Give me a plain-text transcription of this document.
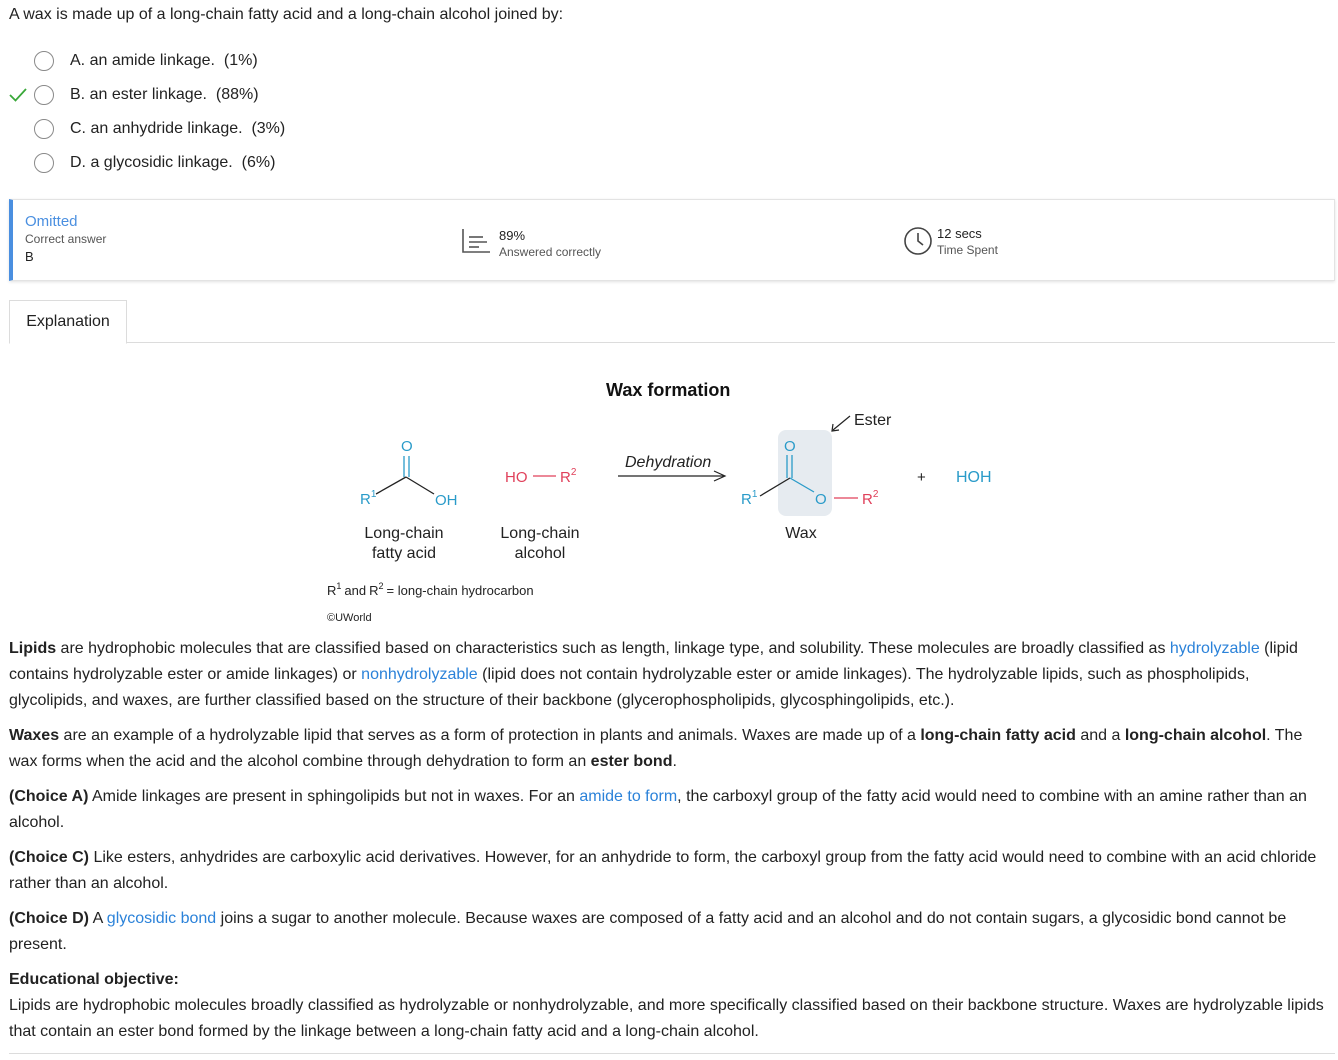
A wax is made up of a long-chain fatty acid and a long-chain alcohol joined by:
A. an amide linkage. (1%)
B. an ester linkage. (88%)
C. an anhydride linkage. (3%)
D. a glycosidic linkage. (6%)
Omitted
Correct answer
B
89%
Answered correctly
12 secs
Time Spent
Explanation
Wax formation
O
OH
$R^1$
Long-chain
fatty acid
HO $R^2$
Long-chain
alcohol
Dehydration
O
O $R^2$
$R^1$
Ester
Wax
+ HOH
$R^1$ and $R^2$ = long-chain hydrocarbon
©UWorld

Lipids are hydrophobic molecules that are classified based on characteristics such as length, linkage type, and solubility. These molecules are broadly classified as hydrolyzable (lipid contains hydrolyzable ester or amide linkages) or nonhydrolyzable (lipid does not contain hydrolyzable ester or amide linkages). The hydrolyzable lipids, such as phospholipids, glycolipids, and waxes, are further classified based on the structure of their backbone (glycerophospholipids, glycosphingolipids, etc.).

Waxes are an example of a hydrolyzable lipid that serves as a form of protection in plants and animals. Waxes are made up of a long-chain fatty acid and a long-chain alcohol. The wax forms when the acid and the alcohol combine through dehydration to form an ester bond.

(Choice A) Amide linkages are present in sphingolipids but not in waxes. For an amide to form, the carboxyl group of the fatty acid would need to combine with an amine rather than an alcohol.

(Choice C) Like esters, anhydrides are carboxylic acid derivatives. However, for an anhydride to form, the carboxyl group from the fatty acid would need to combine with an acid chloride rather than an alcohol.

(Choice D) A glycosidic bond joins a sugar to another molecule. Because waxes are composed of a fatty acid and an alcohol and do not contain sugars, a glycosidic bond cannot be present.

Educational objective:
Lipids are hydrophobic molecules broadly classified as hydrolyzable or nonhydrolyzable, and more specifically classified based on their backbone structure. Waxes are hydrolyzable lipids that contain an ester bond formed by the linkage between a long-chain fatty acid and a long-chain alcohol.
